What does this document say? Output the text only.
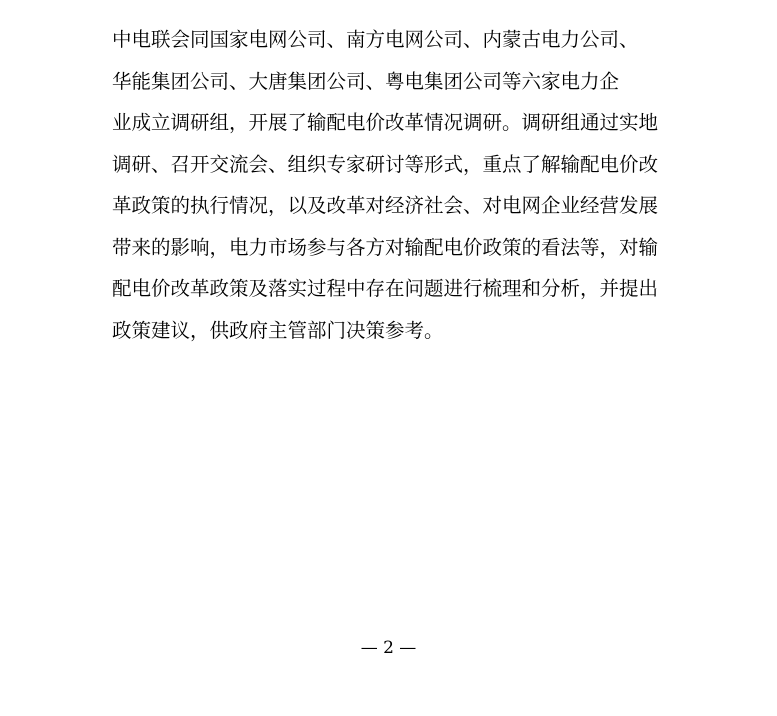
中电联会同国家电网公司、南方电网公司、内蒙古电力公司、
华能集团公司、大唐集团公司、粤电集团公司等六家电力企
业成立调研组，开展了输配电价改革情况调研。调研组通过实地
调研、召开交流会、组织专家研讨等形式，重点了解输配电价改
革政策的执行情况，以及改革对经济社会、对电网企业经营发展
带来的影响，电力市场参与各方对输配电价政策的看法等，对输
配电价改革政策及落实过程中存在问题进行梳理和分析，并提出
政策建议，供政府主管部门决策参考。
— 2 —
